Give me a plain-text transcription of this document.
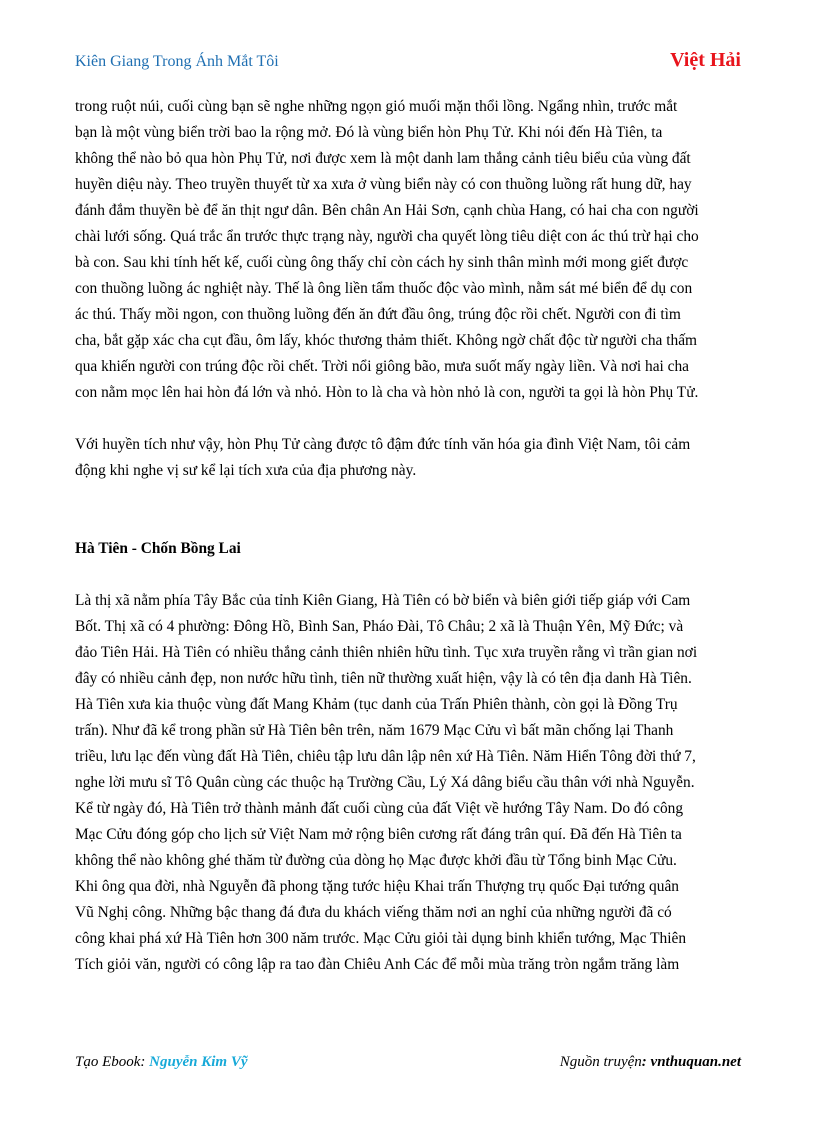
Kiên Giang Trong Ánh Mắt Tôi	Việt Hải

trong ruột núi, cuối cùng bạn sẽ nghe những ngọn gió muối mặn thổi lồng. Ngẩng nhìn, trước mắt
bạn là một vùng biển trời bao la rộng mở. Đó là vùng biển hòn Phụ Tử. Khi nói đến Hà Tiên, ta
không thể nào bỏ qua hòn Phụ Tử, nơi được xem là một danh lam thắng cảnh tiêu biểu của vùng đất
huyền diệu này. Theo truyền thuyết từ xa xưa ở vùng biển này có con thuồng luồng rất hung dữ, hay
đánh đắm thuyền bè để ăn thịt ngư dân. Bên chân An Hải Sơn, cạnh chùa Hang, có hai cha con người
chài lưới sống. Quá trắc ẩn trước thực trạng này, người cha quyết lòng tiêu diệt con ác thú trừ hại cho
bà con. Sau khi tính hết kế, cuối cùng ông thấy chỉ còn cách hy sinh thân mình mới mong giết được
con thuồng luồng ác nghiệt này. Thế là ông liền tẩm thuốc độc vào mình, nằm sát mé biển để dụ con
ác thú. Thấy mồi ngon, con thuồng luồng đến ăn đứt đầu ông, trúng độc rồi chết. Người con đi tìm
cha, bắt gặp xác cha cụt đầu, ôm lấy, khóc thương thảm thiết. Không ngờ chất độc từ người cha thấm
qua khiến người con trúng độc rồi chết. Trời nổi giông bão, mưa suốt mấy ngày liền. Và nơi hai cha
con nằm mọc lên hai hòn đá lớn và nhỏ. Hòn to là cha và hòn nhỏ là con, người ta gọi là hòn Phụ Tử.

Với huyền tích như vậy, hòn Phụ Tử càng được tô đậm đức tính văn hóa gia đình Việt Nam, tôi cảm
động khi nghe vị sư kể lại tích xưa của địa phương này.

Hà Tiên - Chốn Bồng Lai

Là thị xã nằm phía Tây Bắc của tỉnh Kiên Giang, Hà Tiên có bờ biển và biên giới tiếp giáp với Cam
Bốt. Thị xã có 4 phường: Đông Hồ, Bình San, Pháo Đài, Tô Châu; 2 xã là Thuận Yên, Mỹ Đức; và
đảo Tiên Hải. Hà Tiên có nhiều thắng cảnh thiên nhiên hữu tình. Tục xưa truyền rằng vì trần gian nơi
đây có nhiều cảnh đẹp, non nước hữu tình, tiên nữ thường xuất hiện, vậy là có tên địa danh Hà Tiên.
Hà Tiên xưa kia thuộc vùng đất Mang Khảm (tục danh của Trấn Phiên thành, còn gọi là Đồng Trụ
trấn). Như đã kể trong phần sử Hà Tiên bên trên, năm 1679 Mạc Cửu vì bất mãn chống lại Thanh
triều, lưu lạc đến vùng đất Hà Tiên, chiêu tập lưu dân lập nên xứ Hà Tiên. Năm Hiển Tông đời thứ 7,
nghe lời mưu sĩ Tô Quân cùng các thuộc hạ Trường Cầu, Lý Xá dâng biểu cầu thân với nhà Nguyễn.
Kể từ ngày đó, Hà Tiên trở thành mảnh đất cuối cùng của đất Việt về hướng Tây Nam. Do đó công
Mạc Cửu đóng góp cho lịch sử Việt Nam mở rộng biên cương rất đáng trân quí. Đã đến Hà Tiên ta
không thể nào không ghé thăm từ đường của dòng họ Mạc được khởi đầu từ Tổng binh Mạc Cửu.
Khi ông qua đời, nhà Nguyễn đã phong tặng tước hiệu Khai trấn Thượng trụ quốc Đại tướng quân
Vũ Nghị công. Những bậc thang đá đưa du khách viếng thăm nơi an nghỉ của những người đã có
công khai phá xứ Hà Tiên hơn 300 năm trước. Mạc Cửu giỏi tài dụng binh khiển tướng, Mạc Thiên
Tích giỏi văn, người có công lập ra tao đàn Chiêu Anh Các để mỗi mùa trăng tròn ngắm trăng làm

Tạo Ebook: Nguyễn Kim Vỹ	Nguồn truyện: vnthuquan.net
